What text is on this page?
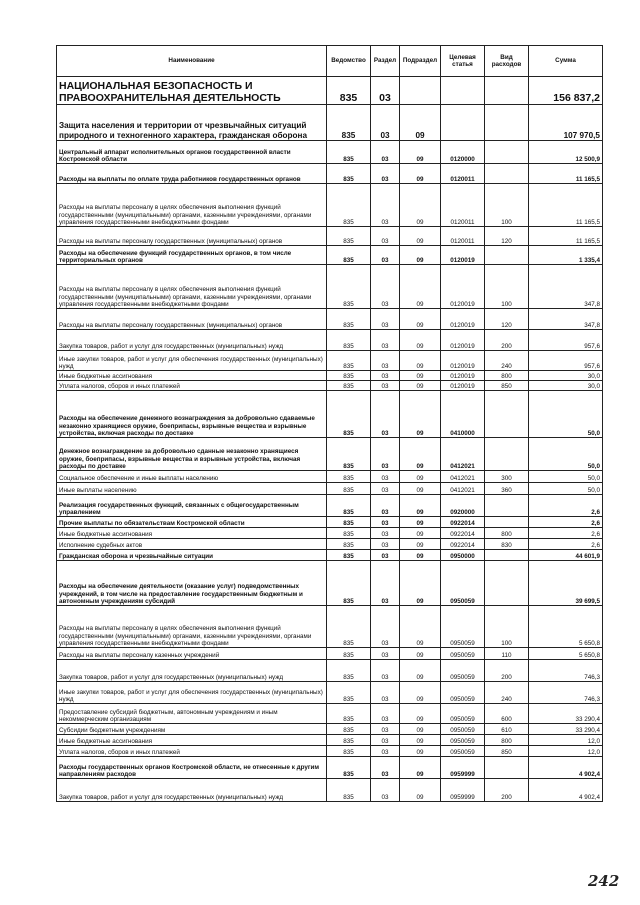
Наименование	Ведомство	Раздел	Подраздел	Целевая статья	Вид расходов	Сумма
НАЦИОНАЛЬНАЯ БЕЗОПАСНОСТЬ И ПРАВООХРАНИТЕЛЬНАЯ ДЕЯТЕЛЬНОСТЬ	835	03				156 837,2
Защита населения и территории от чрезвычайных ситуаций природного и техногенного характера, гражданская оборона	835	03	09			107 970,5
Центральный аппарат исполнительных органов государственной власти Костромской области	835	03	09	0120000		12 500,9
Расходы на выплаты по оплате труда работников государственных органов	835	03	09	0120011		11 165,5
Расходы на выплаты персоналу в целях обеспечения выполнения функций государственными (муниципальными) органами, казенными учреждениями, органами управления государственными внебюджетными фондами	835	03	09	0120011	100	11 165,5
Расходы на выплаты персоналу государственных (муниципальных) органов	835	03	09	0120011	120	11 165,5
Расходы на обеспечение функций государственных органов, в том числе территориальных органов	835	03	09	0120019		1 335,4
Расходы на выплаты персоналу в целях обеспечения выполнения функций государственными (муниципальными) органами, казенными учреждениями, органами управления государственными внебюджетными фондами	835	03	09	0120019	100	347,8
Расходы на выплаты персоналу государственных (муниципальных) органов	835	03	09	0120019	120	347,8
Закупка товаров, работ и услуг для государственных (муниципальных) нужд	835	03	09	0120019	200	957,6
Иные закупки товаров, работ и услуг для обеспечения государственных (муниципальных) нужд	835	03	09	0120019	240	957,6
Иные бюджетные ассигнования	835	03	09	0120019	800	30,0
Уплата налогов, сборов и иных платежей	835	03	09	0120019	850	30,0
Расходы на обеспечение денежного вознаграждения за добровольно сдаваемые незаконно хранящиеся оружие, боеприпасы, взрывные вещества и взрывные устройства, включая расходы по доставке	835	03	09	0410000		50,0
Денежное вознаграждение за добровольно сданные незаконно хранящиеся оружие, боеприпасы, взрывные вещества и взрывные устройства, включая расходы по доставке	835	03	09	0412021		50,0
Социальное обеспечение и иные выплаты населению	835	03	09	0412021	300	50,0
Иные выплаты населению	835	03	09	0412021	360	50,0
Реализация государственных функций, связанных с общегосударственным управлением	835	03	09	0920000		2,6
Прочие выплаты по обязательствам Костромской области	835	03	09	0922014		2,6
Иные бюджетные ассигнования	835	03	09	0922014	800	2,6
Исполнение судебных актов	835	03	09	0922014	830	2,6
Гражданская оборона и чрезвычайные ситуации	835	03	09	0950000		44 601,9
Расходы на обеспечение деятельности (оказание услуг) подведомственных учреждений, в том числе на предоставление государственным бюджетным и автономным учреждениям субсидий	835	03	09	0950059		39 699,5
Расходы на выплаты персоналу в целях обеспечения выполнения функций государственными (муниципальными) органами, казенными учреждениями, органами управления государственными внебюджетными фондами	835	03	09	0950059	100	5 650,8
Расходы на выплаты персоналу казенных учреждений	835	03	09	0950059	110	5 650,8
Закупка товаров, работ и услуг для государственных (муниципальных) нужд	835	03	09	0950059	200	746,3
Иные закупки товаров, работ и услуг для обеспечения государственных (муниципальных) нужд	835	03	09	0950059	240	746,3
Предоставление субсидий бюджетным, автономным учреждениям и иным некоммерческим организациям	835	03	09	0950059	600	33 290,4
Субсидии бюджетным учреждениям	835	03	09	0950059	610	33 290,4
Иные бюджетные ассигнования	835	03	09	0950059	800	12,0
Уплата налогов, сборов и иных платежей	835	03	09	0950059	850	12,0
Расходы государственных органов Костромской области, не отнесенные к другим направлениям расходов	835	03	09	0959999		4 902,4
Закупка товаров, работ и услуг для государственных (муниципальных) нужд	835	03	09	0959999	200	4 902,4
242
